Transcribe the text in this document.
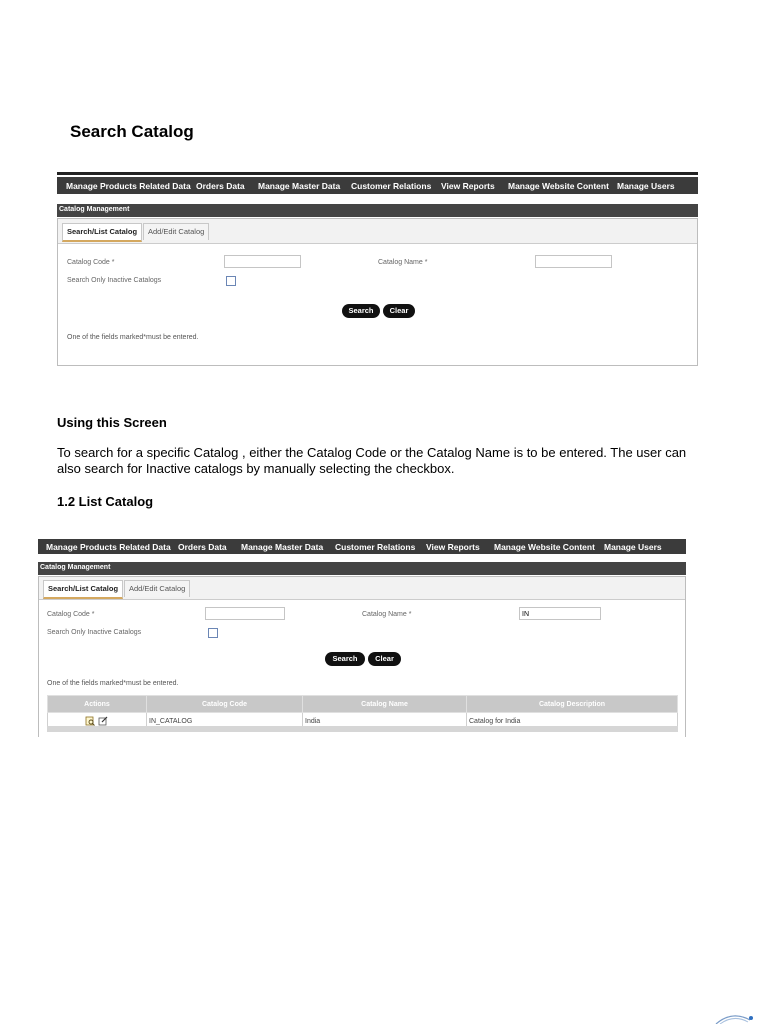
Search Catalog
Manage Products Related Data Orders Data Manage Master Data Customer Relations View Reports Manage Website Content Manage Users
Catalog Management
Search/List Catalog	Add/Edit Catalog
Catalog Code *	Catalog Name *
Search Only Inactive Catalogs
Search	Clear
One of the fields marked*must be entered.
Using this Screen
To search for a specific Catalog , either the Catalog Code or the Catalog Name is to be entered. The user can also search for Inactive catalogs by manually selecting the checkbox.
1.2 List Catalog
Manage Products Related Data Orders Data Manage Master Data Customer Relations View Reports Manage Website Content Manage Users
Catalog Management
Search/List Catalog	Add/Edit Catalog
Catalog Code *	Catalog Name *	IN
Search Only Inactive Catalogs
Search	Clear
One of the fields marked*must be entered.
Actions	Catalog Code	Catalog Name	Catalog Description
	IN_CATALOG	India	Catalog for India
